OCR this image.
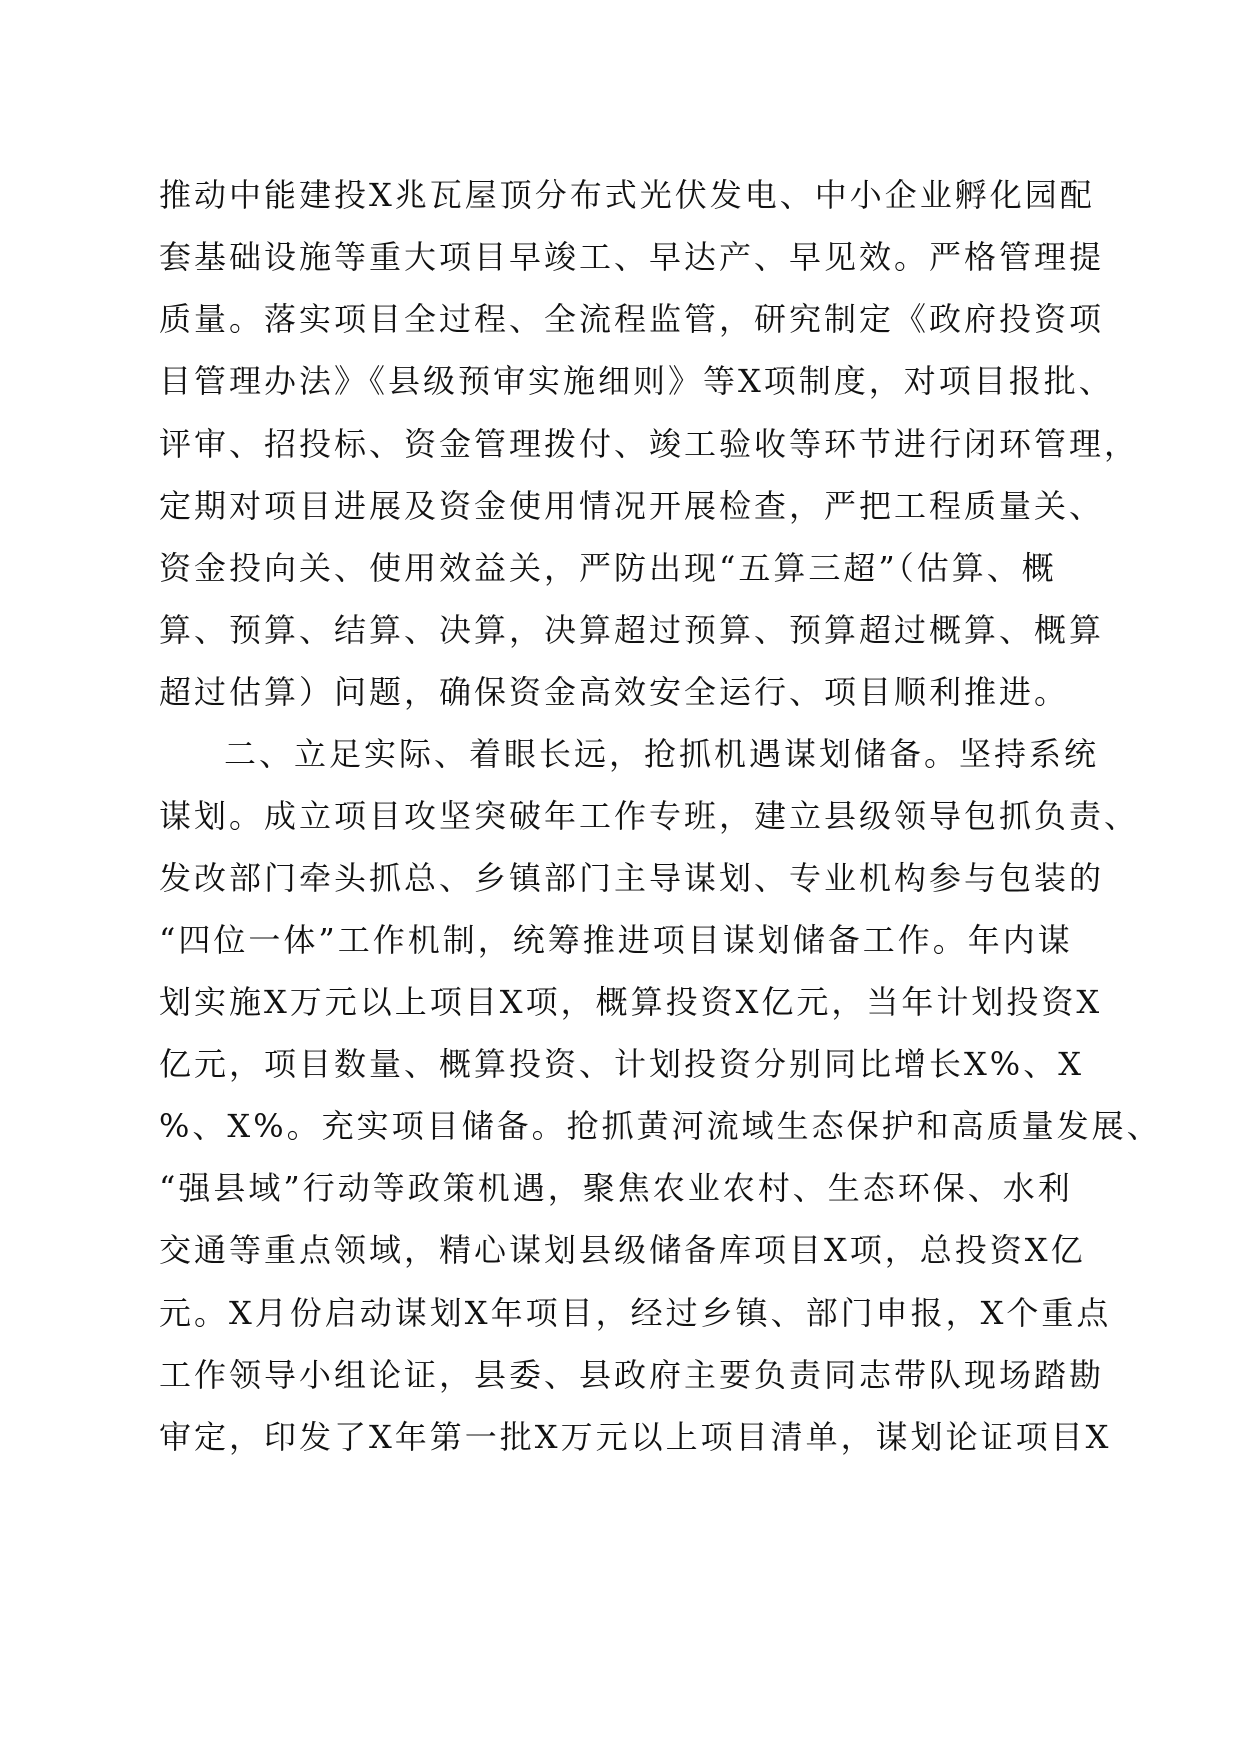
推动中能建投X兆瓦屋顶分布式光伏发电、中小企业孵化园配
套基础设施等重大项目早竣工、早达产、早见效。严格管理提
质量。落实项目全过程、全流程监管，研究制定《政府投资项
目管理办法》《县级预审实施细则》等X项制度，对项目报批、
评审、招投标、资金管理拨付、竣工验收等环节进行闭环管理，
定期对项目进展及资金使用情况开展检查，严把工程质量关、
资金投向关、使用效益关，严防出现“五算三超”（估算、概
算、预算、结算、决算，决算超过预算、预算超过概算、概算
超过估算）问题，确保资金高效安全运行、项目顺利推进。
二、立足实际、着眼长远，抢抓机遇谋划储备。坚持系统
谋划。成立项目攻坚突破年工作专班，建立县级领导包抓负责、
发改部门牵头抓总、乡镇部门主导谋划、专业机构参与包装的
“四位一体”工作机制，统筹推进项目谋划储备工作。年内谋
划实施X万元以上项目X项，概算投资X亿元，当年计划投资X
亿元，项目数量、概算投资、计划投资分别同比增长X%、X
%、X%。充实项目储备。抢抓黄河流域生态保护和高质量发展、
“强县域”行动等政策机遇，聚焦农业农村、生态环保、水利
交通等重点领域，精心谋划县级储备库项目X项，总投资X亿
元。X月份启动谋划X年项目，经过乡镇、部门申报，X个重点
工作领导小组论证，县委、县政府主要负责同志带队现场踏勘
审定，印发了X年第一批X万元以上项目清单，谋划论证项目X
